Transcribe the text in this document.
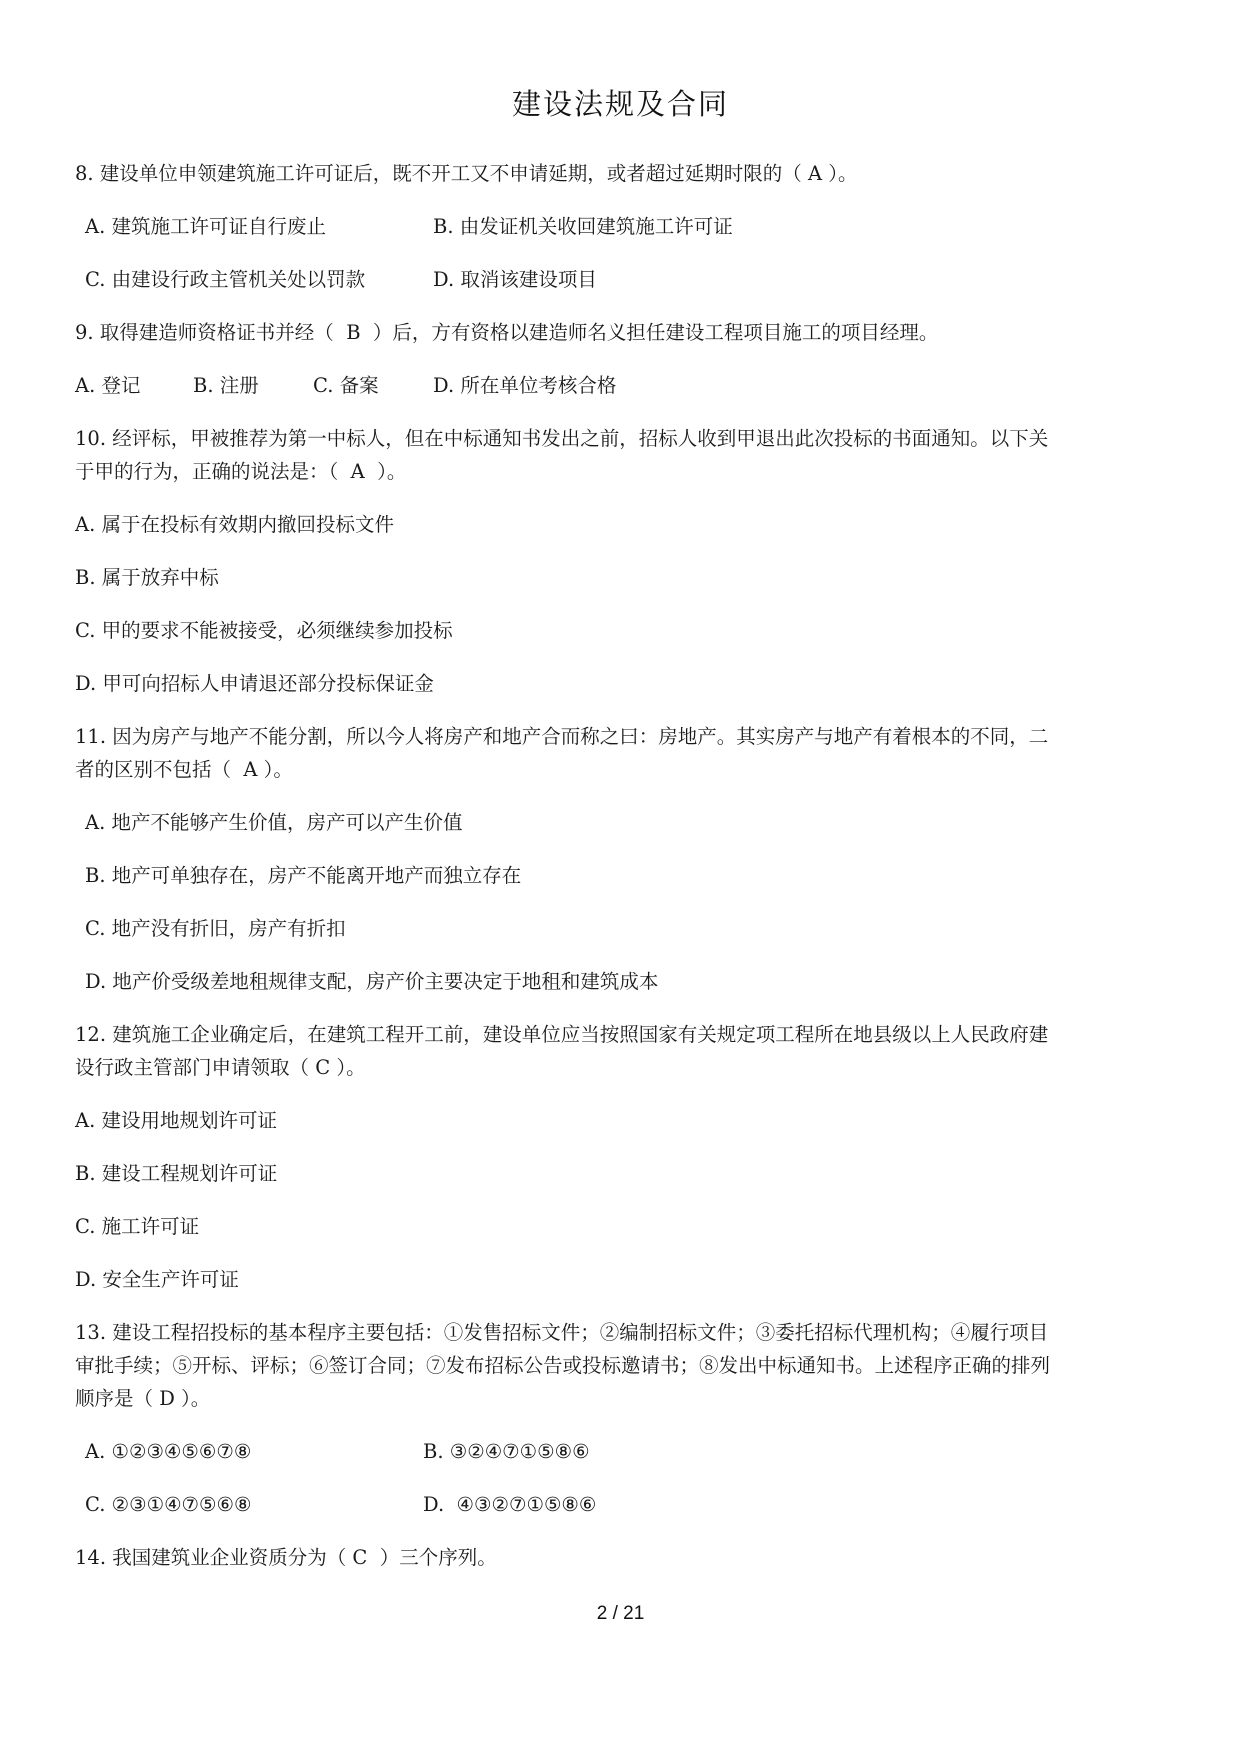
建设法规及合同
8. 建设单位申领建筑施工许可证后，既不开工又不申请延期，或者超过延期时限的（ A ）。
A. 建筑施工许可证自行废止	B. 由发证机关收回建筑施工许可证
C. 由建设行政主管机关处以罚款	D. 取消该建设项目
9. 取得建造师资格证书并经（  B  ）后，方有资格以建造师名义担任建设工程项目施工的项目经理。
A. 登记	B. 注册	C. 备案	D. 所在单位考核合格
10. 经评标，甲被推荐为第一中标人，但在中标通知书发出之前，招标人收到甲退出此次投标的书面通知。以下关
于甲的行为，正确的说法是：（  A  ）。
A. 属于在投标有效期内撤回投标文件
B. 属于放弃中标
C. 甲的要求不能被接受，必须继续参加投标
D. 甲可向招标人申请退还部分投标保证金
11. 因为房产与地产不能分割，所以今人将房产和地产合而称之曰：房地产。其实房产与地产有着根本的不同，二
者的区别不包括（  A ）。
A. 地产不能够产生价值，房产可以产生价值
B. 地产可单独存在，房产不能离开地产而独立存在
C. 地产没有折旧，房产有折扣
D. 地产价受级差地租规律支配，房产价主要决定于地租和建筑成本
12. 建筑施工企业确定后，在建筑工程开工前，建设单位应当按照国家有关规定项工程所在地县级以上人民政府建
设行政主管部门申请领取（ C ）。
A. 建设用地规划许可证
B. 建设工程规划许可证
C. 施工许可证
D. 安全生产许可证
13. 建设工程招投标的基本程序主要包括：①发售招标文件；②编制招标文件；③委托招标代理机构；④履行项目
审批手续；⑤开标、评标；⑥签订合同；⑦发布招标公告或投标邀请书；⑧发出中标通知书。上述程序正确的排列
顺序是（ D ）。
A. ①②③④⑤⑥⑦⑧	B. ③②④⑦①⑤⑧⑥
C. ②③①④⑦⑤⑥⑧	D.  ④③②⑦①⑤⑧⑥
14. 我国建筑业企业资质分为（ C  ）三个序列。
2 / 21
